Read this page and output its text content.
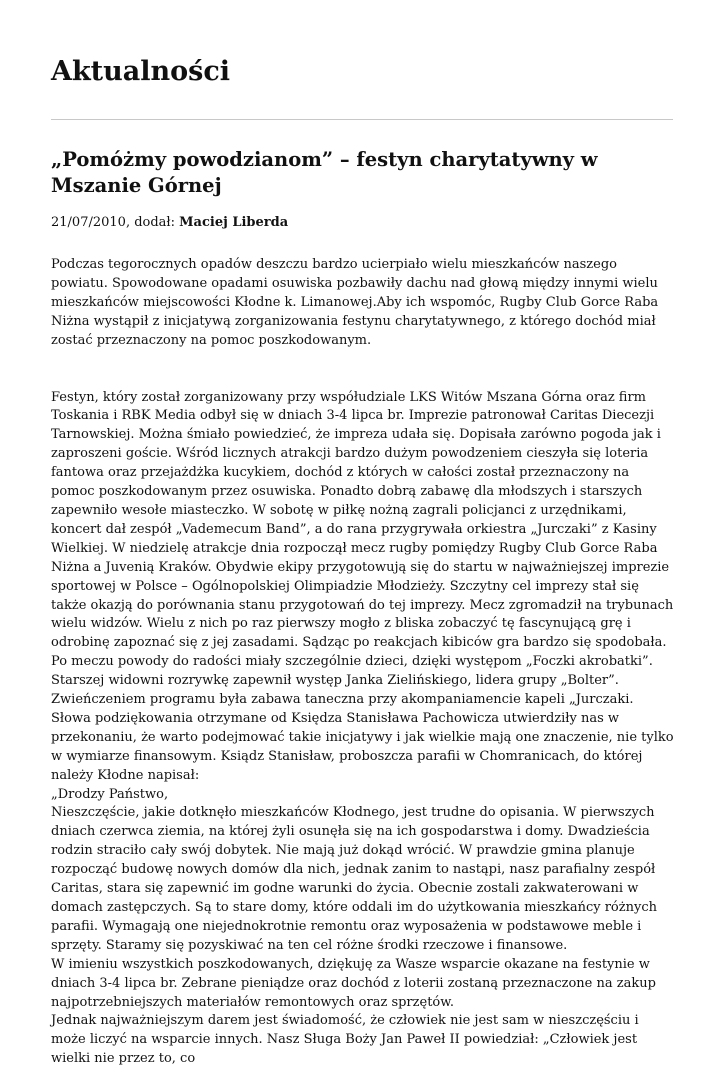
Aktualności
„Pomóżmy powodzianom” – festyn charytatywny w Mszanie Górnej

21/07/2010, dodał: Maciej Liberda

Podczas tegorocznych opadów deszczu bardzo ucierpiało wielu mieszkańców naszego powiatu. Spowodowane opadami osuwiska pozbawiły dachu nad głową między innymi wielu mieszkańców miejscowości Kłodne k. Limanowej.Aby ich wspomóc, Rugby Club Gorce Raba Niżna wystąpił z inicjatywą zorganizowania festynu charytatywnego, z którego dochód miał zostać przeznaczony na pomoc poszkodowanym.

Festyn, który został zorganizowany przy współudziale LKS Witów Mszana Górna oraz firm Toskania i RBK Media odbył się w dniach 3-4 lipca br. Imprezie patronował Caritas Diecezji Tarnowskiej. Można śmiało powiedzieć, że impreza udała się. Dopisała zarówno pogoda jak i zaproszeni goście. Wśród licznych atrakcji bardzo dużym powodzeniem cieszyła się loteria fantowa oraz przejażdżka kucykiem, dochód z których w całości został przeznaczony na pomoc poszkodowanym przez osuwiska. Ponadto dobrą zabawę dla młodszych i starszych zapewniło wesołe miasteczko. W sobotę w piłkę nożną zagrali policjanci z urzędnikami, koncert dał zespół „Vademecum Band”, a do rana przygrywała orkiestra „Jurczaki” z Kasiny Wielkiej. W niedzielę atrakcje dnia rozpoczął mecz rugby pomiędzy Rugby Club Gorce Raba Niżna a Juvenią Kraków. Obydwie ekipy przygotowują się do startu w najważniejszej imprezie sportowej w Polsce – Ogólnopolskiej Olimpiadzie Młodzieży. Szczytny cel imprezy stał się także okazją do porównania stanu przygotowań do tej imprezy. Mecz zgromadził na trybunach wielu widzów. Wielu z nich po raz pierwszy mogło z bliska zobaczyć tę fascynującą grę i odrobinę zapoznać się z jej zasadami. Sądząc po reakcjach kibiców gra bardzo się spodobała. Po meczu powody do radości miały szczególnie dzieci, dzięki występom „Foczki akrobatki”. Starszej widowni rozrywkę zapewnił występ Janka Zielińskiego, lidera grupy „Bolter”. Zwieńczeniem programu była zabawa taneczna przy akompaniamencie kapeli „Jurczaki.

Słowa podziękowania otrzymane od Księdza Stanisława Pachowicza utwierdziły nas w przekonaniu, że warto podejmować takie inicjatywy i jak wielkie mają one znaczenie, nie tylko w wymiarze finansowym. Ksiądz Stanisław, proboszcza parafii w Chomranicach, do której należy Kłodne napisał:

„Drodzy Państwo,

Nieszczęście, jakie dotknęło mieszkańców Kłodnego, jest trudne do opisania. W pierwszych dniach czerwca ziemia, na której żyli osunęła się na ich gospodarstwa i domy. Dwadzieścia rodzin straciło cały swój dobytek. Nie mają już dokąd wrócić. W prawdzie gmina planuje rozpocząć budowę nowych domów dla nich, jednak zanim to nastąpi, nasz parafialny zespół Caritas, stara się zapewnić im godne warunki do życia. Obecnie zostali zakwaterowani w domach zastępczych. Są to stare domy, które oddali im do użytkowania mieszkańcy różnych parafii. Wymagają one niejednokrotnie remontu oraz wyposażenia w podstawowe meble i sprzęty. Staramy się pozyskiwać na ten cel różne środki rzeczowe i finansowe.

W imieniu wszystkich poszkodowanych, dziękuję za Wasze wsparcie okazane na festynie w dniach 3-4 lipca br. Zebrane pieniądze oraz dochód z loterii zostaną przeznaczone na zakup najpotrzebniejszych materiałów remontowych oraz sprzętów.

Jednak najważniejszym darem jest świadomość, że człowiek nie jest sam w nieszczęściu i może liczyć na wsparcie innych. Nasz Sługa Boży Jan Paweł II powiedział: „Człowiek jest wielki nie przez to, co
